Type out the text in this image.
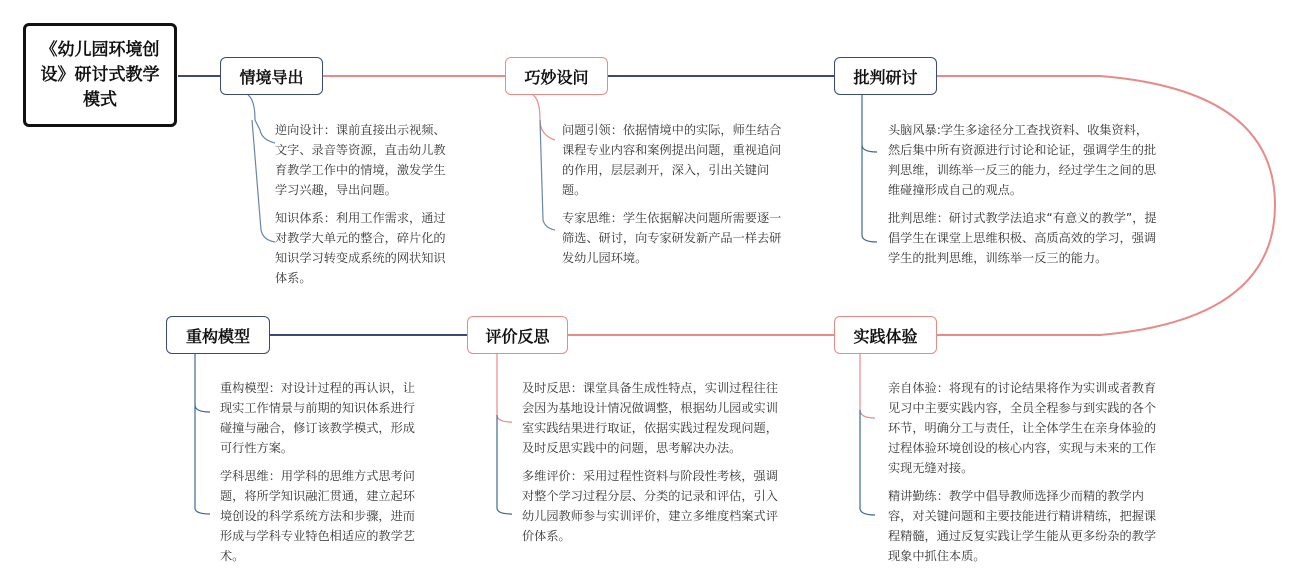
《幼儿园环境创设》研讨式教学模式
情境导出

逆向设计：课前直接出示视频、文字、录音等资源，直击幼儿教育教学工作中的情境，激发学生学习兴趣，导出问题。

知识体系：利用工作需求，通过对教学大单元的整合，碎片化的知识学习转变成系统的网状知识体系。

巧妙设问

问题引领：依据情境中的实际，师生结合课程专业内容和案例提出问题，重视追问的作用，层层剥开，深入，引出关键问题。

专家思维：学生依据解决问题所需要逐一筛选、研讨，向专家研发新产品一样去研发幼儿园环境。

批判研讨

头脑风暴:学生多途径分工查找资料、收集资料，然后集中所有资源进行讨论和论证，强调学生的批判思维，训练举一反三的能力，经过学生之间的思维碰撞形成自己的观点。

批判思维：研讨式教学法追求“有意义的教学”，提倡学生在课堂上思维积极、高质高效的学习，强调学生的批判思维，训练举一反三的能力。

实践体验

亲自体验：将现有的讨论结果将作为实训或者教育见习中主要实践内容，全员全程参与到实践的各个环节，明确分工与责任，让全体学生在亲身体验的过程体验环境创设的核心内容，实现与未来的工作实现无缝对接。

精讲勤练：教学中倡导教师选择少而精的教学内容，对关键问题和主要技能进行精讲精练，把握课程精髓，通过反复实践让学生能从更多纷杂的教学现象中抓住本质。

评价反思

及时反思：课堂具备生成性特点，实训过程往往会因为基地设计情况做调整，根据幼儿园或实训室实践结果进行取证，依据实践过程发现问题，及时反思实践中的问题，思考解决办法。

多维评价：采用过程性资料与阶段性考核，强调对整个学习过程分层、分类的记录和评估，引入幼儿园教师参与实训评价，建立多维度档案式评价体系。

重构模型

重构模型：对设计过程的再认识，让现实工作情景与前期的知识体系进行碰撞与融合，修订该教学模式，形成可行性方案。

学科思维：用学科的思维方式思考问题，将所学知识融汇贯通，建立起环境创设的科学系统方法和步骤，进而形成与学科专业特色相适应的教学艺术。
